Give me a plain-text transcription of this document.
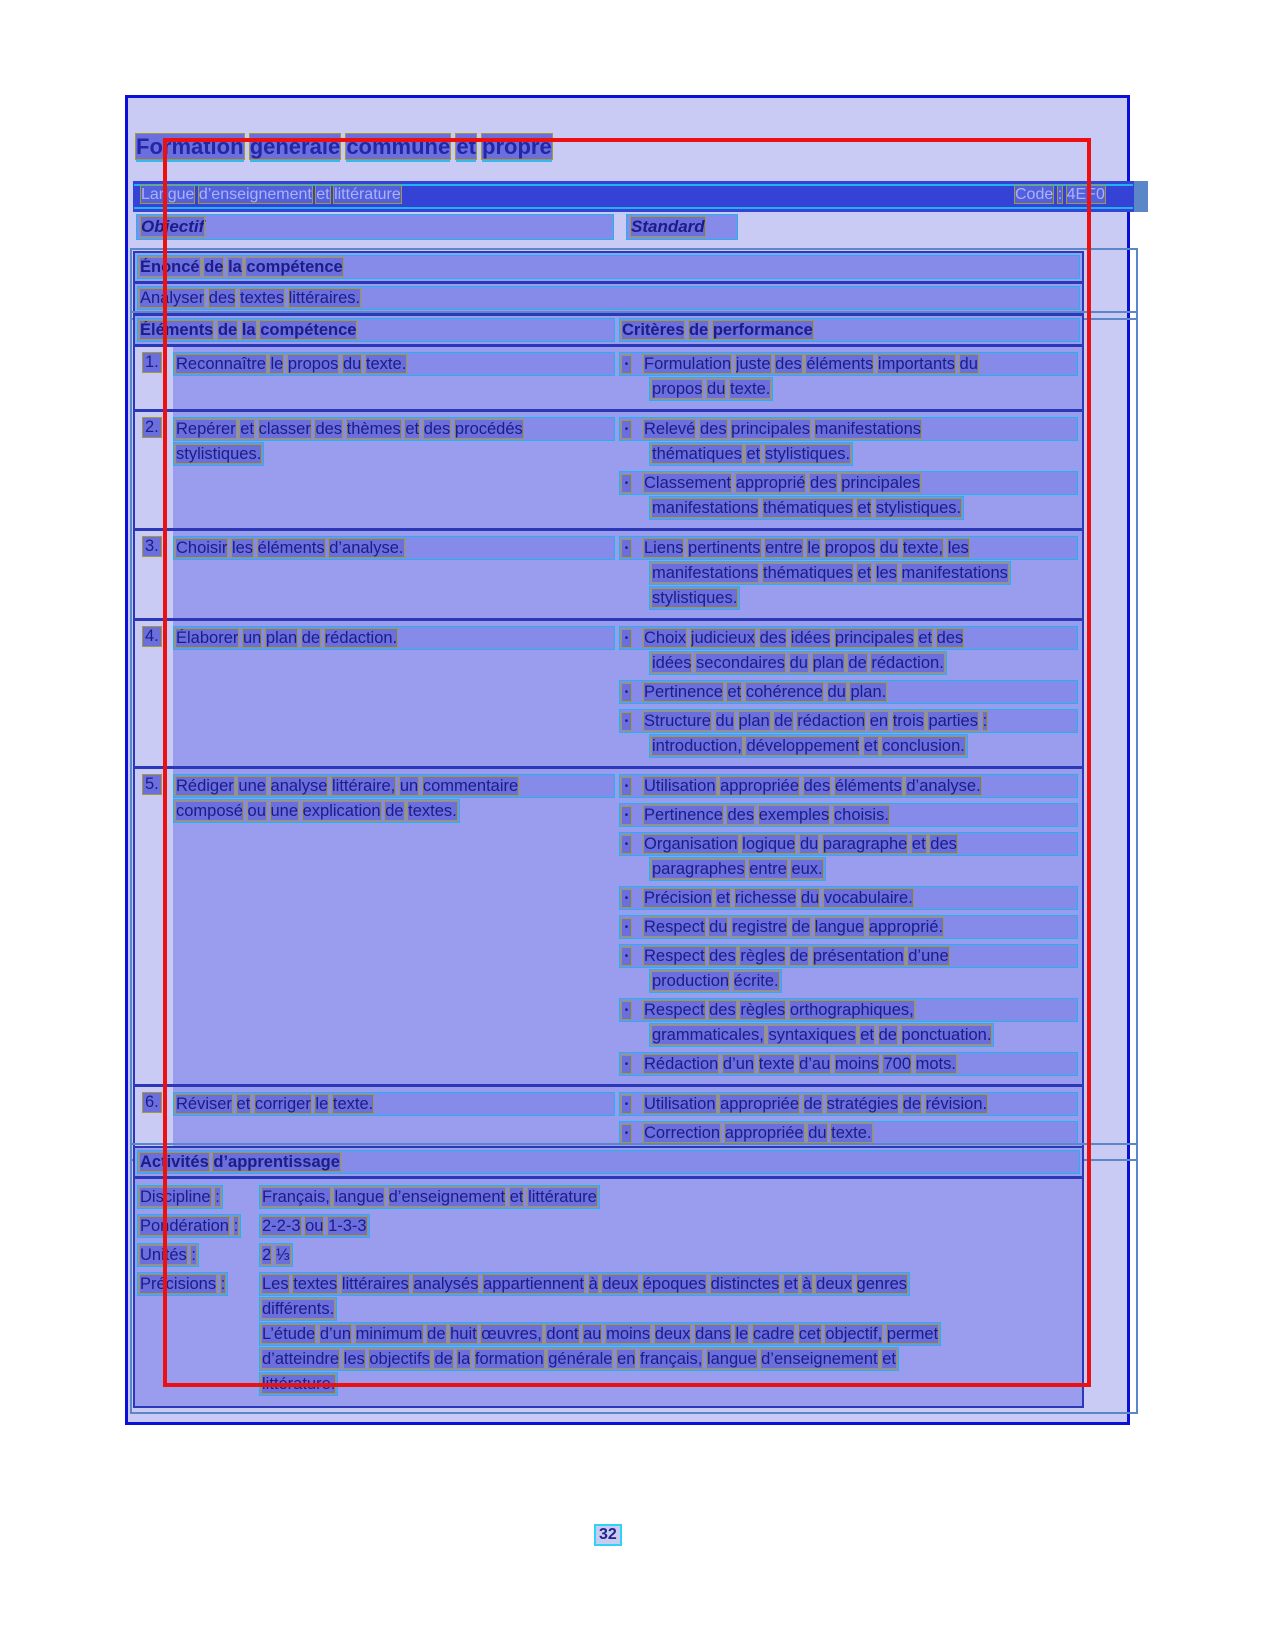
Formation générale commune et propre
Langue d’enseignement et littérature	Code : 4EF0
Objectif	Standard
Énoncé de la compétence
Analyser des textes littéraires.
Éléments de la compétence	Critères de performance
1.	Reconnaître le propos du texte.	• Formulation juste des éléments importants du
propos du texte.
2.	Repérer et classer des thèmes et des procédés
stylistiques.
• Relevé des principales manifestations
thématiques et stylistiques.
• Classement approprié des principales
manifestations thématiques et stylistiques.
3.	Choisir les éléments d’analyse.	• Liens pertinents entre le propos du texte, les
manifestations thématiques et les manifestations
stylistiques.
4.	Élaborer un plan de rédaction.	• Choix judicieux des idées principales et des
idées secondaires du plan de rédaction.
• Pertinence et cohérence du plan.
• Structure du plan de rédaction en trois parties :
introduction, développement et conclusion.
5.	Rédiger une analyse littéraire, un commentaire
composé ou une explication de textes.
• Utilisation appropriée des éléments d’analyse.
• Pertinence des exemples choisis.
• Organisation logique du paragraphe et des
paragraphes entre eux.
• Précision et richesse du vocabulaire.
• Respect du registre de langue approprié.
• Respect des règles de présentation d’une
production écrite.
• Respect des règles orthographiques,
grammaticales, syntaxiques et de ponctuation.
• Rédaction d’un texte d’au moins 700 mots.
6.	Réviser et corriger le texte.	• Utilisation appropriée de stratégies de révision.
• Correction appropriée du texte.
Activités d’apprentissage
Discipline :	Français, langue d’enseignement et littérature
Pondération : 2-2-3 ou 1-3-3
Unités :	2 ⅓
Précisions : Les textes littéraires analysés appartiennent à deux époques distinctes et à deux genres
différents.
L’étude d’un minimum de huit œuvres, dont au moins deux dans le cadre cet objectif, permet
d’atteindre les objectifs de la formation générale en français, langue d’enseignement et
littérature.
32
